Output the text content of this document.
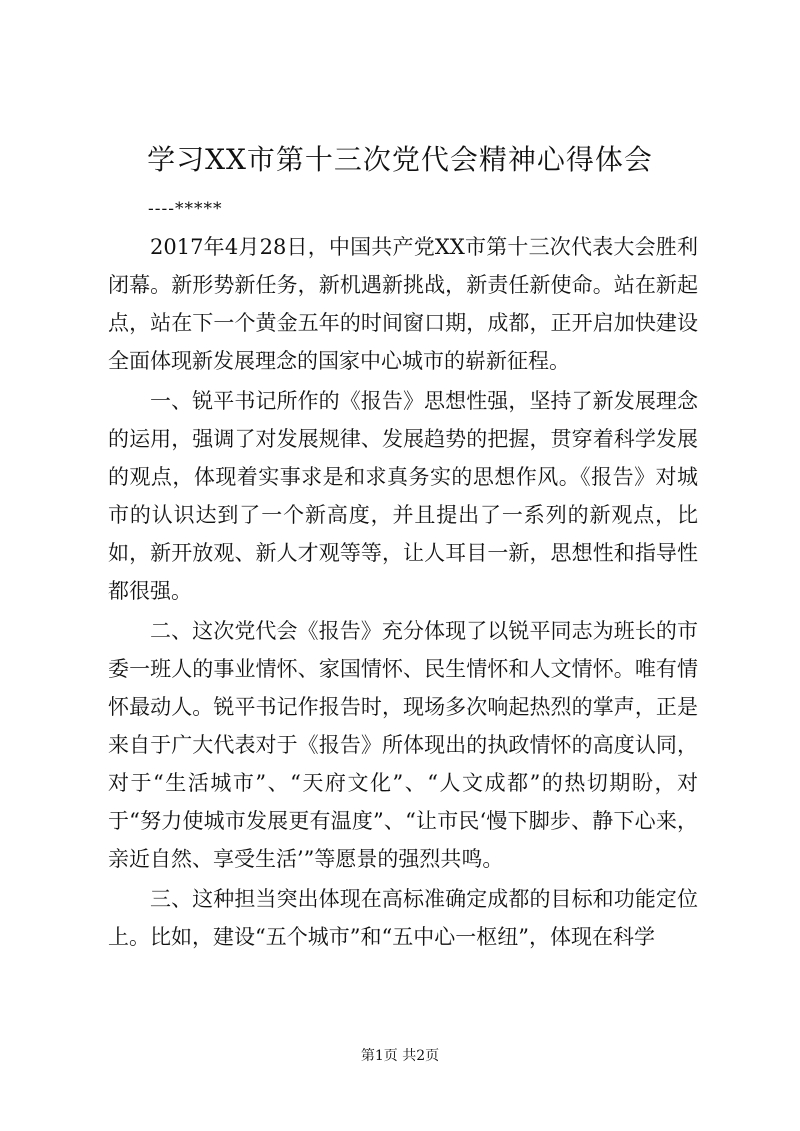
学习XX市第十三次党代会精神心得体会
----*****

2017年4月28日，中国共产党XX市第十三次代表大会胜利闭幕。新形势新任务，新机遇新挑战，新责任新使命。站在新起点，站在下一个黄金五年的时间窗口期，成都，正开启加快建设全面体现新发展理念的国家中心城市的崭新征程。

一、锐平书记所作的《报告》思想性强，坚持了新发展理念的运用，强调了对发展规律、发展趋势的把握，贯穿着科学发展的观点，体现着实事求是和求真务实的思想作风。《报告》对城市的认识达到了一个新高度，并且提出了一系列的新观点，比如，新开放观、新人才观等等，让人耳目一新，思想性和指导性都很强。

二、这次党代会《报告》充分体现了以锐平同志为班长的市委一班人的事业情怀、家国情怀、民生情怀和人文情怀。唯有情怀最动人。锐平书记作报告时，现场多次响起热烈的掌声，正是来自于广大代表对于《报告》所体现出的执政情怀的高度认同，对于“生活城市”、“天府文化”、“人文成都”的热切期盼，对于“努力使城市发展更有温度”、“让市民‘慢下脚步、静下心来，亲近自然、享受生活’”等愿景的强烈共鸣。

三、这种担当突出体现在高标准确定成都的目标和功能定位上。比如，建设“五个城市”和“五中心一枢纽”，体现在科学

第1页 共2页
